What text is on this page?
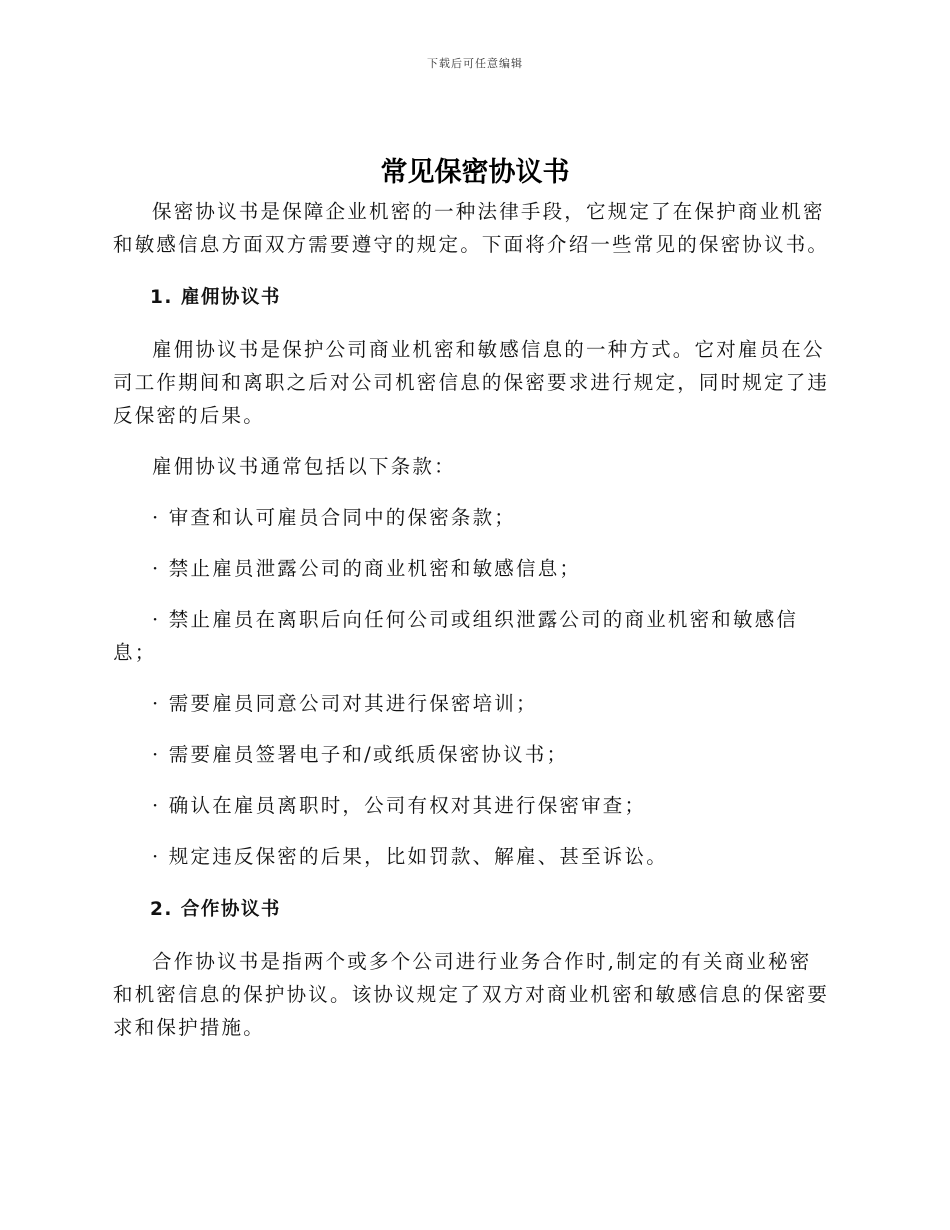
下载后可任意编辑
常见保密协议书

保密协议书是保障企业机密的一种法律手段，它规定了在保护商业机密和敏感信息方面双方需要遵守的规定。下面将介绍一些常见的保密协议书。

1. 雇佣协议书

雇佣协议书是保护公司商业机密和敏感信息的一种方式。它对雇员在公司工作期间和离职之后对公司机密信息的保密要求进行规定，同时规定了违反保密的后果。

雇佣协议书通常包括以下条款：

· 审查和认可雇员合同中的保密条款；

· 禁止雇员泄露公司的商业机密和敏感信息；

· 禁止雇员在离职后向任何公司或组织泄露公司的商业机密和敏感信息；

· 需要雇员同意公司对其进行保密培训；

· 需要雇员签署电子和/或纸质保密协议书；

· 确认在雇员离职时，公司有权对其进行保密审查；

· 规定违反保密的后果，比如罚款、解雇、甚至诉讼。

2. 合作协议书

合作协议书是指两个或多个公司进行业务合作时,制定的有关商业秘密和机密信息的保护协议。该协议规定了双方对商业机密和敏感信息的保密要求和保护措施。
